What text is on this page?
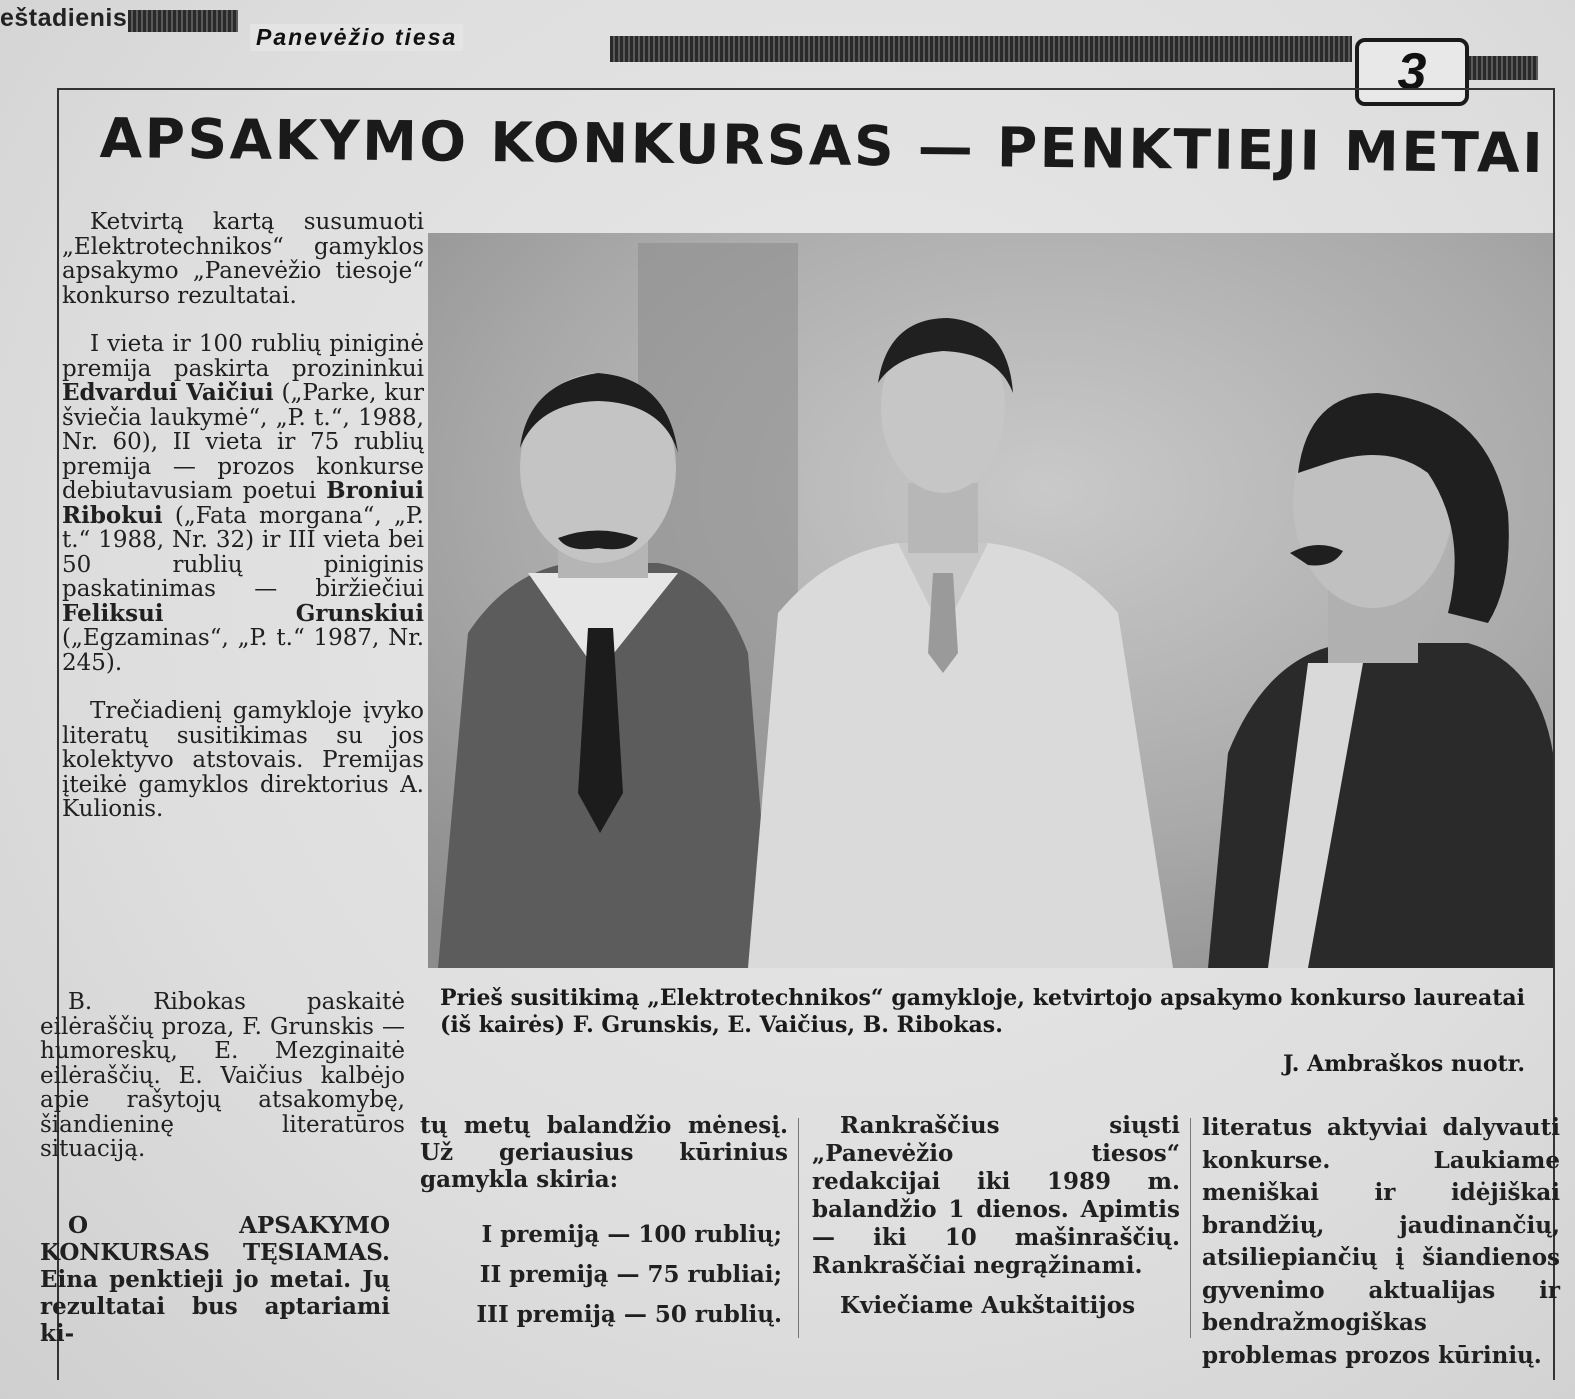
eštadienis
Panevėžio tiesa
3
APSAKYMO KONKURSAS — PENKTIEJI METAI

Ketvirtą kartą susumuoti „Elektrotechnikos“ gamyklos apsakymo „Panevėžio tiesoje“ konkurso rezultatai.

I vieta ir 100 rublių piniginė premija paskirta prozininkui Edvardui Vaičiui („Parke, kur šviečia laukymė“, „P. t.“, 1988, Nr. 60), II vieta ir 75 rublių premija — prozos konkurse debiutavusiam poetui Broniui Ribokui („Fata morgana“, „P. t.“ 1988, Nr. 32) ir III vieta bei 50 rublių piniginis paskatinimas — biržiečiui Feliksui Grunskiui („Egzaminas“, „P. t.“ 1987, Nr. 245).

Trečiadienį gamykloje įvyko literatų susitikimas su jos kolektyvo atstovais. Premijas įteikė gamyklos direktorius A. Kulionis.

B. Ribokas paskaitė eilėraščių proza, F. Grunskis — humoreskų, E. Mezginaitė eilėraščių. E. Vaičius kalbėjo apie rašytojų atsakomybę, šiandieninę literatūros situaciją.

O APSAKYMO KONKURSAS TĘSIAMAS. Eina penktieji jo metai. Jų rezultatai bus aptariami ki-

Prieš susitikimą „Elektrotechnikos“ gamykloje, ketvirtojo apsakymo konkurso laureatai (iš kairės) F. Grunskis, E. Vaičius, B. Ribokas.
J. Ambraškos nuotr.

tų metų balandžio mėnesį. Už geriausius kūrinius gamykla skiria:

I premiją — 100 rublių;
II premiją — 75 rubliai;
III premiją — 50 rublių.

Rankraščius siųsti „Panevėžio tiesos“ redakcijai iki 1989 m. balandžio 1 dienos. Apimtis — iki 10 mašinraščių. Rankraščiai negrąžinami.

Kviečiame Aukštaitijos

literatus aktyviai dalyvauti konkurse. Laukiame meniškai ir idėjiškai brandžių, jaudinančių, atsiliepiančių į šiandienos gyvenimo aktualijas ir bendražmogiškas problemas prozos kūrinių.
